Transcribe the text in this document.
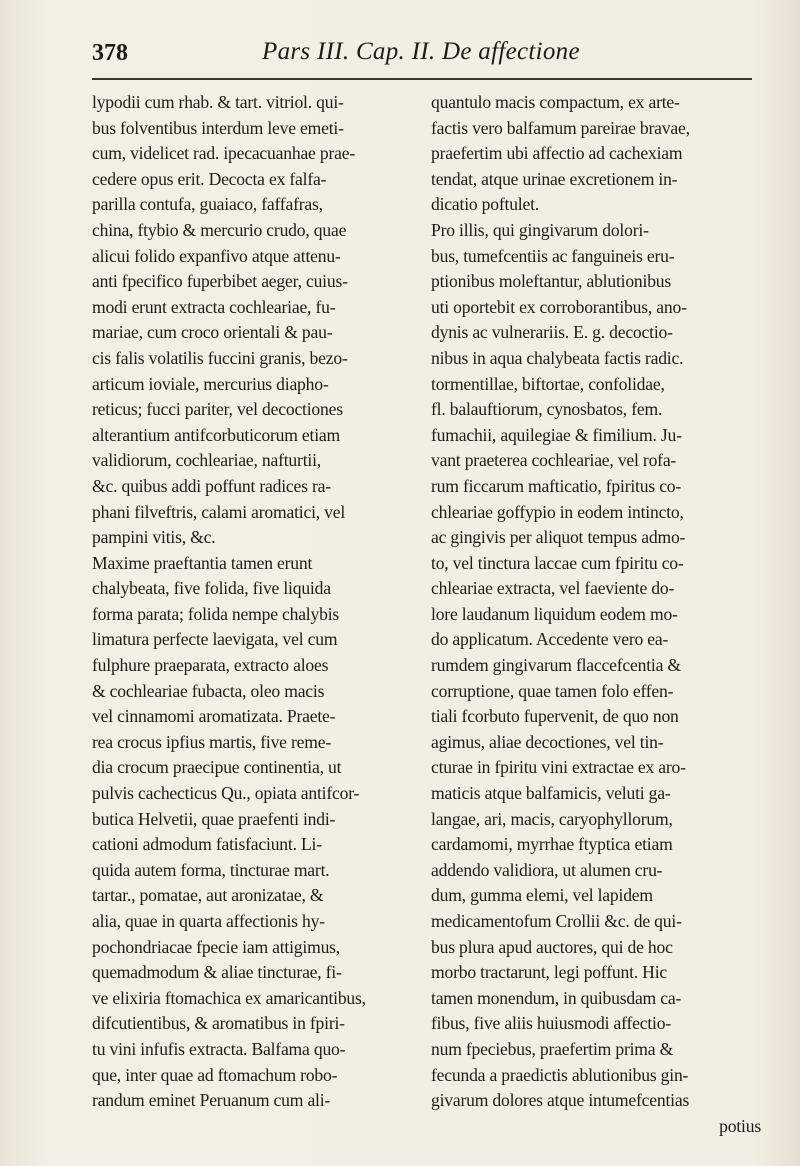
378	Pars III. Cap. II. De affectione
lypodii cum rhab. & tart. vitriol. qui-
bus folventibus interdum leve emeti-
cum, videlicet rad. ipecacuanhae prae-
cedere opus erit. Decocta ex falfa-
parilla contufa, guaiaco, faffafras,
china, ftybio & mercurio crudo, quae
alicui folido expanfivo atque attenu-
anti fpecifico fuperbibet aeger, cuius-
modi erunt extracta cochleariae, fu-
mariae, cum croco orientali & pau-
cis falis volatilis fuccini granis, bezo-
articum ioviale, mercurius diapho-
reticus; fucci pariter, vel decoctiones
alterantium antifcorbuticorum etiam
validiorum, cochleariae, nafturtii,
&c. quibus addi poffunt radices ra-
phani filveftris, calami aromatici, vel
pampini vitis, &c.
Maxime praeftantia tamen erunt
chalybeata, five folida, five liquida
forma parata; folida nempe chalybis
limatura perfecte laevigata, vel cum
fulphure praeparata, extracto aloes
& cochleariae fubacta, oleo macis
vel cinnamomi aromatizata. Praete-
rea crocus ipfius martis, five reme-
dia crocum praecipue continentia, ut
pulvis cachecticus Qu., opiata antifcor-
butica Helvetii, quae praefenti indi-
cationi admodum fatisfaciunt. Li-
quida autem forma, tincturae mart.
tartar., pomatae, aut aronizatae, &
alia, quae in quarta affectionis hy-
pochondriacae fpecie iam attigimus,
quemadmodum & aliae tincturae, fi-
ve elixiria ftomachica ex amaricantibus,
difcutientibus, & aromatibus in fpiri-
tu vini infufis extracta. Balfama quo-
que, inter quae ad ftomachum robo-
randum eminet Peruanum cum ali-
quantulo macis compactum, ex arte-
factis vero balfamum pareirae bravae,
praefertim ubi affectio ad cachexiam
tendat, atque urinae excretionem in-
dicatio poftulet.
Pro illis, qui gingivarum dolori-
bus, tumefcentiis ac fanguineis eru-
ptionibus moleftantur, ablutionibus
uti oportebit ex corroborantibus, ano-
dynis ac vulnerariis. E. g. decoctio-
nibus in aqua chalybeata factis radic.
tormentillae, biftortae, confolidae,
fl. balauftiorum, cynosbatos, fem.
fumachii, aquilegiae & fimilium. Ju-
vant praeterea cochleariae, vel rofa-
rum ficcarum mafticatio, fpiritus co-
chleariae goffypio in eodem intincto,
ac gingivis per aliquot tempus admo-
to, vel tinctura laccae cum fpiritu co-
chleariae extracta, vel faeviente do-
lore laudanum liquidum eodem mo-
do applicatum. Accedente vero ea-
rumdem gingivarum flaccefcentia &
corruptione, quae tamen folo effen-
tiali fcorbuto fupervenit, de quo non
agimus, aliae decoctiones, vel tin-
cturae in fpiritu vini extractae ex aro-
maticis atque balfamicis, veluti ga-
langae, ari, macis, caryophyllorum,
cardamomi, myrrhae ftyptica etiam
addendo validiora, ut alumen cru-
dum, gumma elemi, vel lapidem
medicamentofum Crollii &c. de qui-
bus plura apud auctores, qui de hoc
morbo tractarunt, legi poffunt. Hic
tamen monendum, in quibusdam ca-
fibus, five aliis huiusmodi affectio-
num fpeciebus, praefertim prima &
fecunda a praedictis ablutionibus gin-
givarum dolores atque intumefcentias
potius
